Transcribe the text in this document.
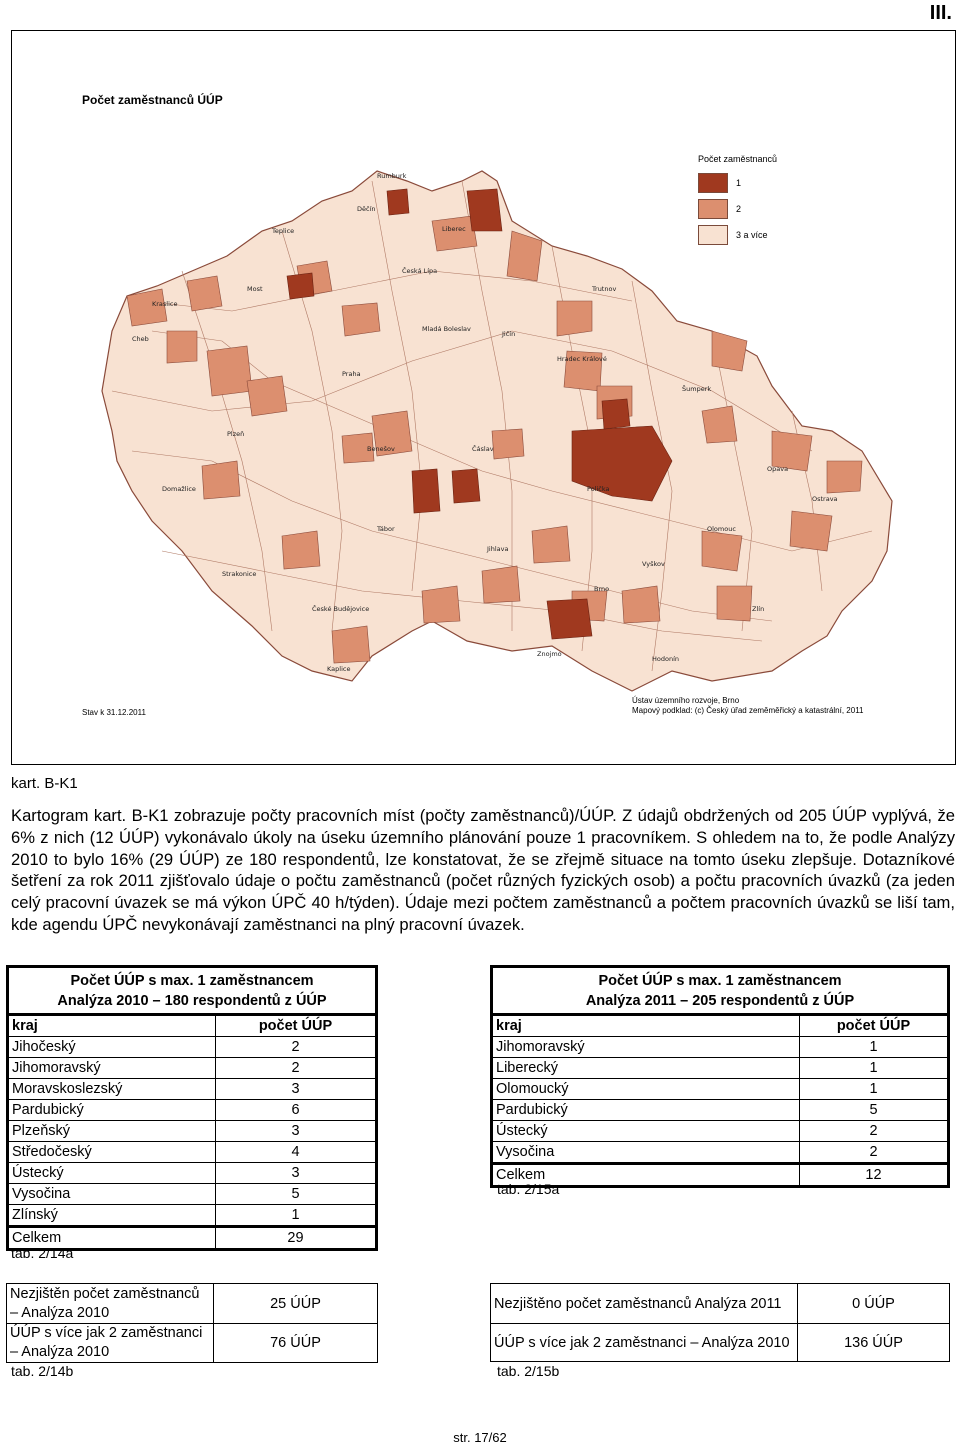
III.
Počet zaměstnanců ÚÚP
Rumburk
Děčín
Teplice
Česká Lípa
Liberec
Kraslice
Cheb
Most
Mladá Boleslav
Jičín
Trutnov
Hradec Králové
Praha
Plzeň
Benešov	Čáslav
Polička
Šumperk
Opava
Ostrava
Olomouc
Vyškov
Brno
Zlín
Hodonín
Znojmo
Jihlava
Tábor
České Budějovice
Kaplice
Strakonice
Domažlice
Počet zaměstnanců
1
2
3 a více
Stav k 31.12.2011
Ústav územního rozvoje, Brno
Mapový podklad: (c) Český úřad zeměměřický a katastrální, 2011
kart. B-K1
Kartogram kart. B-K1 zobrazuje počty pracovních míst (počty zaměstnanců)/ÚÚP. Z údajů obdržených od 205 ÚÚP vyplývá, že 6% z nich (12 ÚÚP) vykonávalo úkoly na úseku územního plánování pouze 1 pracovníkem. S ohledem na to, že podle Analýzy 2010 to bylo 16% (29 ÚÚP) ze 180 respondentů, lze konstatovat, že se zřejmě situace na tomto úseku zlepšuje. Dotazníkové šetření za rok 2011 zjišťovalo údaje o počtu zaměstnanců (počet různých fyzických osob) a počtu pracovních úvazků (za jeden celý pracovní úvazek se má výkon ÚPČ 40 h/týden). Údaje mezi počtem zaměstnanců a počtem pracovních úvazků se liší tam, kde agendu ÚPČ nevykonávají zaměstnanci na plný pracovní úvazek.
Počet ÚÚP s max. 1 zaměstnancem
Analýza 2010 – 180 respondentů z ÚÚP	

kraj	počet ÚÚP
Jihočeský	2
Jihomoravský	2
Moravskoslezský	3
Pardubický	6
Plzeňský	3
Středočeský	4
Ústecký	3
Vysočina	5
Zlínský	1
Celkem	29
tab. 2/14a
Počet ÚÚP s max. 1 zaměstnancem
Analýza 2011 – 205 respondentů z ÚÚP	

kraj	počet ÚÚP
Jihomoravský	1
Liberecký	1
Olomoucký	1
Pardubický	5
Ústecký	2
Vysočina	2
Celkem	12
tab. 2/15a
Nezjištěn počet zaměstnanců – Analýza 2010	25 ÚÚP
ÚÚP s více jak 2 zaměstnanci – Analýza 2010	76 ÚÚP
tab. 2/14b
Nezjištěno počet zaměstnanců Analýza 2011	0 ÚÚP
ÚÚP s více jak 2 zaměstnanci – Analýza 2010	136 ÚÚP
tab. 2/15b
str. 17/62
